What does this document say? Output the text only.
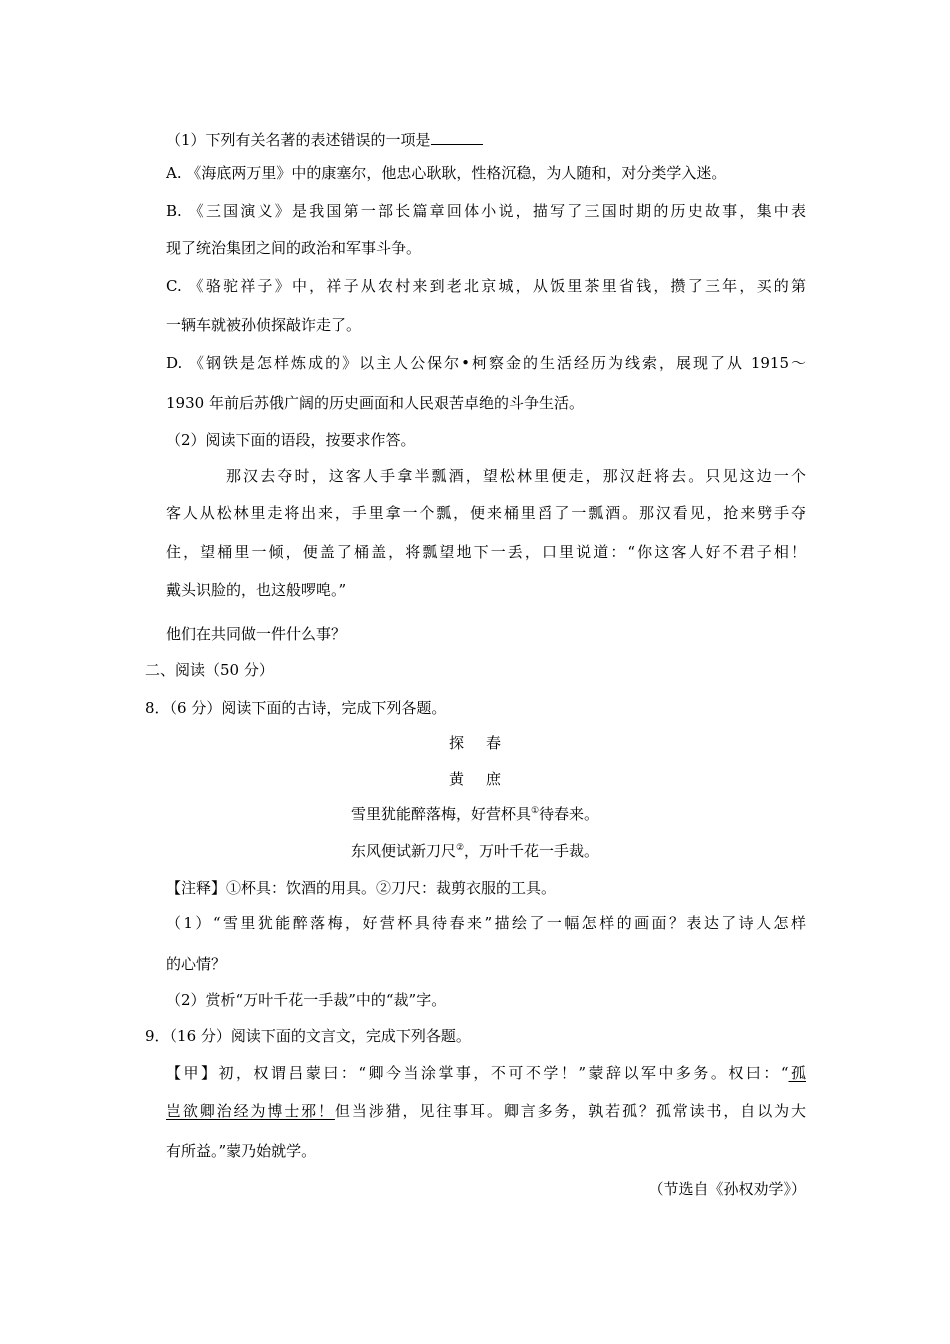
（1）下列有关名著的表述错误的一项是
A. 《海底两万里》中的康塞尔，他忠心耿耿，性格沉稳，为人随和，对分类学入迷。
B. 《三国演义》是我国第一部长篇章回体小说，描写了三国时期的历史故事，集中表
现了统治集团之间的政治和军事斗争。
C. 《骆驼祥子》中，祥子从农村来到老北京城，从饭里茶里省钱，攒了三年，买的第
一辆车就被孙侦探敲诈走了。
D. 《钢铁是怎样炼成的》以主人公保尔•柯察金的生活经历为线索，展现了从 1915～
1930 年前后苏俄广阔的历史画面和人民艰苦卓绝的斗争生活。
（2）阅读下面的语段，按要求作答。
那汉去夺时，这客人手拿半瓢酒，望松林里便走，那汉赶将去。只见这边一个
客人从松林里走将出来，手里拿一个瓢，便来桶里舀了一瓢酒。那汉看见，抢来劈手夺
住，望桶里一倾，便盖了桶盖，将瓢望地下一丢，口里说道：“你这客人好不君子相！
戴头识脸的，也这般啰唣。”
他们在共同做一件什么事？
二、阅读（50 分）
8．（6 分）阅读下面的古诗，完成下列各题。
探 春
黄 庶
雪里犹能醉落梅，好营杯具①待春来。
东风便试新刀尺②，万叶千花一手裁。
【注释】①杯具：饮酒的用具。②刀尺：裁剪衣服的工具。
（1）“雪里犹能醉落梅，好营杯具待春来”描绘了一幅怎样的画面？表达了诗人怎样
的心情？
（2）赏析“万叶千花一手裁”中的“裁”字。
9．（16 分）阅读下面的文言文，完成下列各题。
【甲】初，权谓吕蒙曰：“卿今当涂掌事，不可不学！”蒙辞以军中多务。权曰：“孤
岂欲卿治经为博士邪！但当涉猎，见往事耳。卿言多务，孰若孤？孤常读书，自以为大
有所益。”蒙乃始就学。
（节选自《孙权劝学》）
